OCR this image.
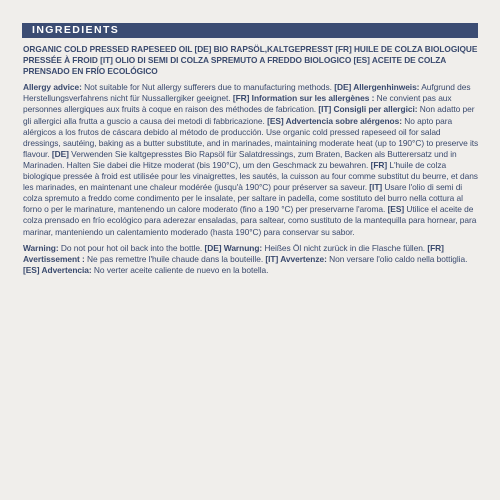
INGREDIENTS

ORGANIC COLD PRESSED RAPESEED OIL [DE] BIO RAPSÖL,KALTGEPRESST [FR] HUILE DE COLZA BIOLOGIQUE PRESSÉE À FROID [IT] OLIO DI SEMI DI COLZA SPREMUTO A FREDDO BIOLOGICO [ES] ACEITE DE COLZA PRENSADO EN FRÍO ECOLÓGICO

Allergy advice: Not suitable for Nut allergy sufferers due to manufacturing methods. [DE] Allergenhinweis: Aufgrund des Herstellungsverfahrens nicht für Nussallergiker geeignet. [FR] Information sur les allergènes : Ne convient pas aux personnes allergiques aux fruits à coque en raison des méthodes de fabrication. [IT] Consigli per allergici: Non adatto per gli allergici alla frutta a guscio a causa dei metodi di fabbricazione. [ES] Advertencia sobre alérgenos: No apto para alérgicos a los frutos de cáscara debido al método de producción. Use organic cold pressed rapeseed oil for salad dressings, sautéing, baking as a butter substitute, and in marinades, maintaining moderate heat (up to 190°C) to preserve its flavour. [DE] Verwenden Sie kaltgepresstes Bio Rapsöl für Salatdressings, zum Braten, Backen als Butterersatz und in Marinaden. Halten Sie dabei die Hitze moderat (bis 190°C), um den Geschmack zu bewahren. [FR] L'huile de colza biologique pressée à froid est utilisée pour les vinaigrettes, les sautés, la cuisson au four comme substitut du beurre, et dans les marinades, en maintenant une chaleur modérée (jusqu'à 190°C) pour préserver sa saveur. [IT] Usare l'olio di semi di colza spremuto a freddo come condimento per le insalate, per saltare in padella, come sostituto del burro nella cottura al forno o per le marinature, mantenendo un calore moderato (fino a 190 °C) per preservarne l'aroma. [ES] Utilice el aceite de colza prensado en frío ecológico para aderezar ensaladas, para saltear, como sustituto de la mantequilla para hornear, para marinar, manteniendo un calentamiento moderado (hasta 190°C) para conservar su sabor.

Warning: Do not pour hot oil back into the bottle. [DE] Warnung: Heißes Öl nicht zurück in die Flasche füllen. [FR] Avertissement : Ne pas remettre l'huile chaude dans la bouteille. [IT] Avvertenze: Non versare l'olio caldo nella bottiglia. [ES] Advertencia: No verter aceite caliente de nuevo en la botella.
